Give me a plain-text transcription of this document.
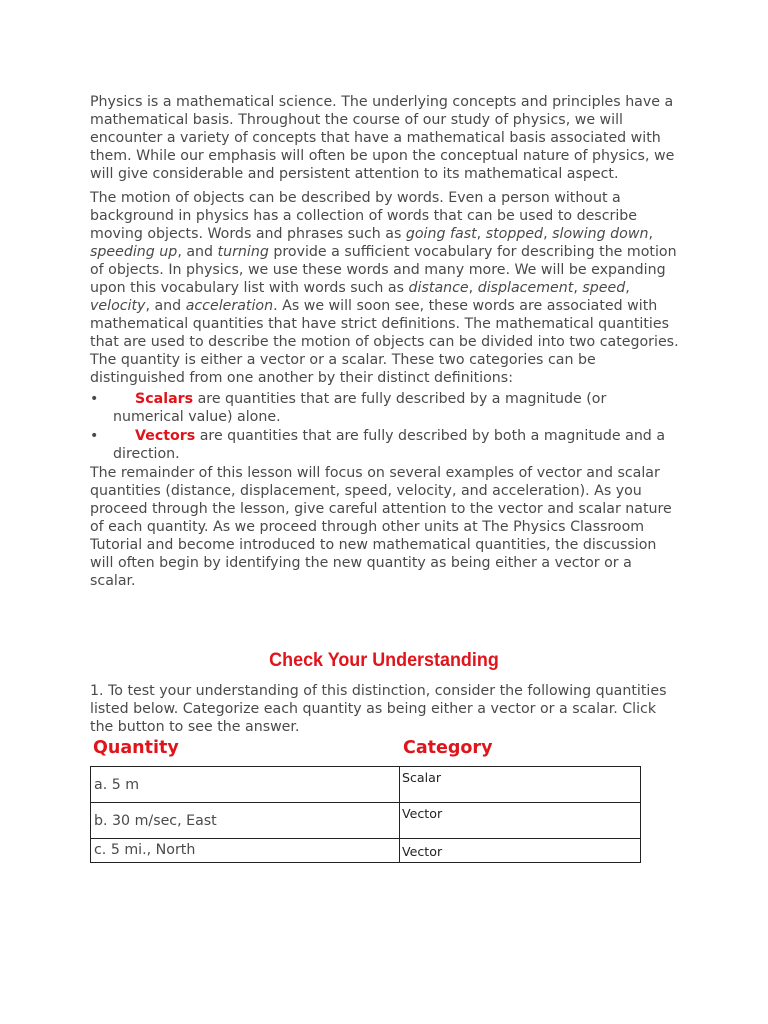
Physics is a mathematical science. The underlying concepts and principles have a mathematical basis. Throughout the course of our study of physics, we will encounter a variety of concepts that have a mathematical basis associated with them. While our emphasis will often be upon the conceptual nature of physics, we will give considerable and persistent attention to its mathematical aspect.

The motion of objects can be described by words. Even a person without a background in physics has a collection of words that can be used to describe moving objects. Words and phrases such as going fast, stopped, slowing down, speeding up, and turning provide a sufficient vocabulary for describing the motion of objects. In physics, we use these words and many more. We will be expanding upon this vocabulary list with words such as distance, displacement, speed, velocity, and acceleration. As we will soon see, these words are associated with mathematical quantities that have strict definitions. The mathematical quantities that are used to describe the motion of objects can be divided into two categories. The quantity is either a vector or a scalar. These two categories can be distinguished from one another by their distinct definitions:

•	Scalars are quantities that are fully described by a magnitude (or numerical value) alone.
•	Vectors are quantities that are fully described by both a magnitude and a direction.

The remainder of this lesson will focus on several examples of vector and scalar quantities (distance, displacement, speed, velocity, and acceleration). As you proceed through the lesson, give careful attention to the vector and scalar nature of each quantity. As we proceed through other units at The Physics Classroom Tutorial and become introduced to new mathematical quantities, the discussion will often begin by identifying the new quantity as being either a vector or a scalar.

Check Your Understanding

1. To test your understanding of this distinction, consider the following quantities listed below. Categorize each quantity as being either a vector or a scalar. Click the button to see the answer.

Quantity	Category
a. 5 m	Scalar
b. 30 m/sec, East	Vector
c. 5 mi., North	Vector
